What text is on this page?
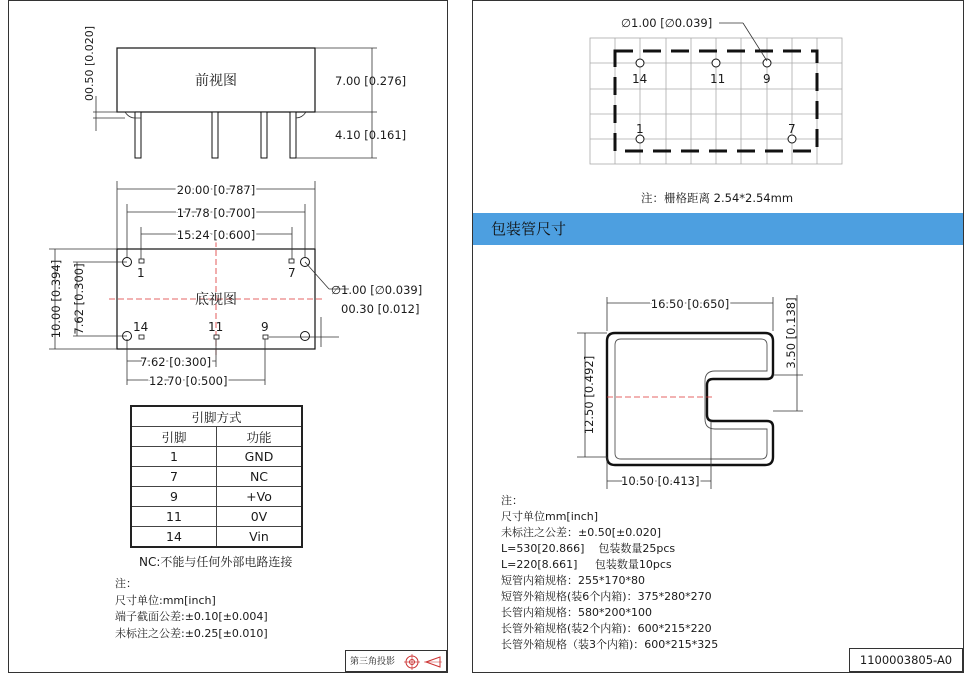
前视图
00.50 [0.020]	7.00 [0.276]
4.10 [0.161]
底视图
1	7
14	11	9
20.00 [0.787]
17.78 [0.700]
15.24 [0.600]
10.00 [0.394] 7.62 [0.300]	∅1.00 [∅0.039]
00.30 [0.012]
7.62 [0.300]
12.70 [0.500]
引脚方式	
引脚	功能
1	GND
7	NC
9	+Vo
11	0V
14	Vin
NC:不能与任何外部电路连接
注：
尺寸单位:mm[inch]
端子截面公差:±0.10[±0.004]
未标注之公差:±0.25[±0.010]
第三角投影
14	11	9
1	7
∅1.00 [∅0.039]
注：栅格距离 2.54*2.54mm
包装管尺寸
16.50 [0.650]
12.50 [0.492]
3.50 [0.138]
10.50 [0.413]
注：
尺寸单位mm[inch]
未标注之公差：±0.50[±0.020]
L=530[20.866]    包装数量25pcs
L=220[8.661]     包装数量10pcs
短管内箱规格：255*170*80
短管外箱规格(装6个内箱)：375*280*270
长管内箱规格：580*200*100
长管外箱规格(装2个内箱)：600*215*220
长管外箱规格（装3个内箱)：600*215*325
1100003805-A0
